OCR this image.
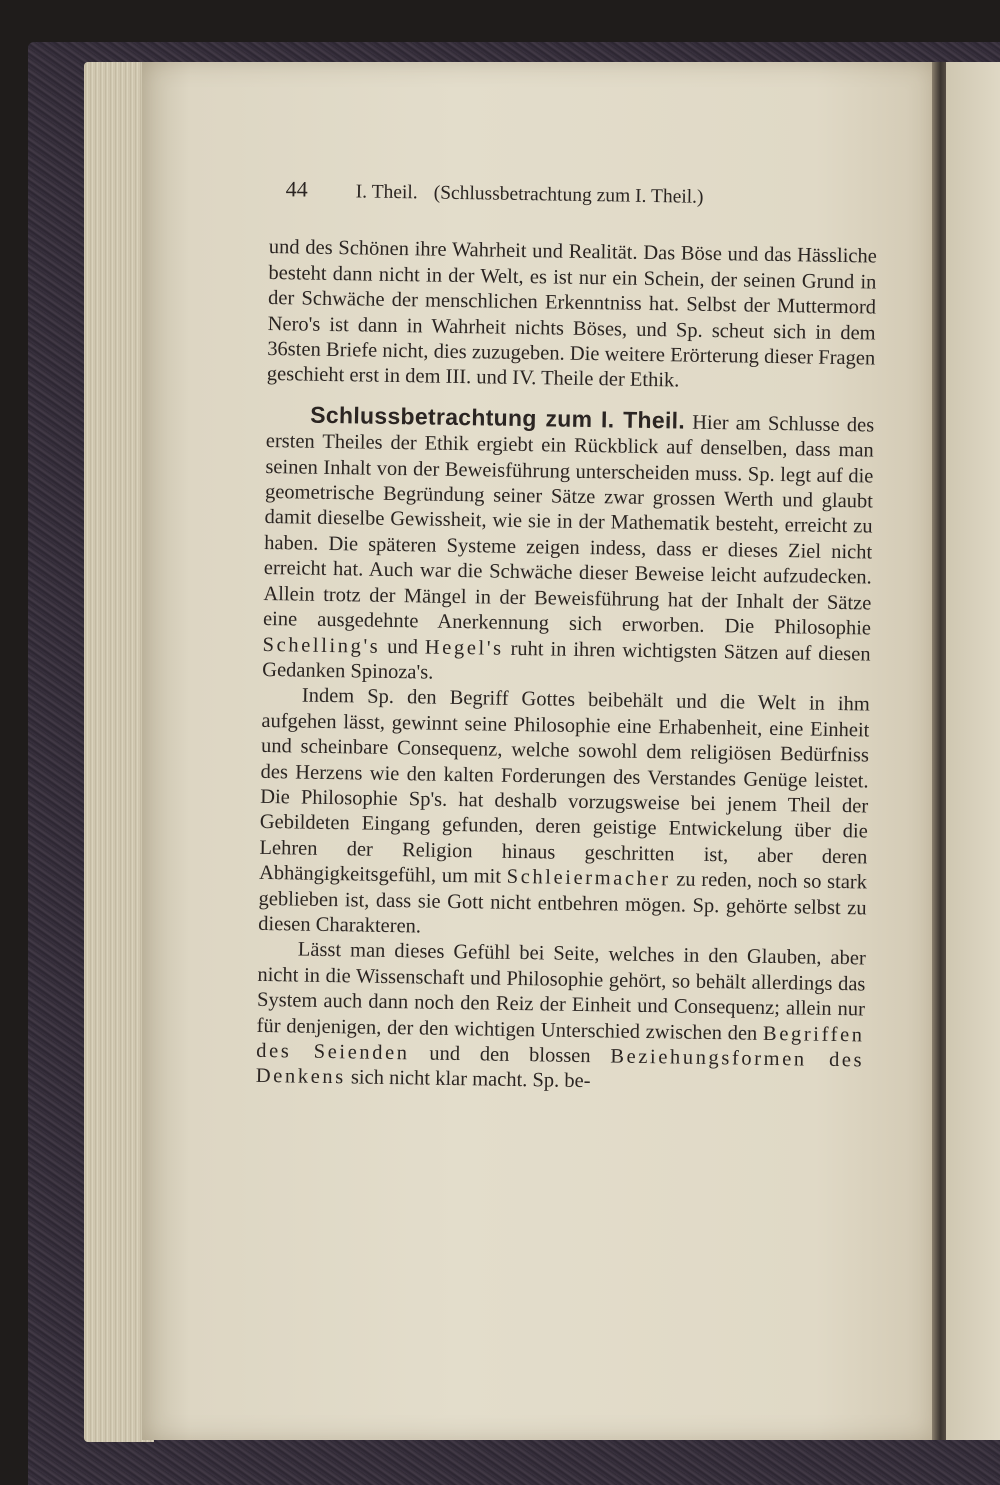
44 I. Theil. (Schlussbetrachtung zum I. Theil.)

und des Schönen ihre Wahrheit und Realität. Das Böse und das Hässliche besteht dann nicht in der Welt, es ist nur ein Schein, der seinen Grund in der Schwäche der menschlichen Erkenntniss hat. Selbst der Muttermord Nero's ist dann in Wahrheit nichts Böses, und Sp. scheut sich in dem 36sten Briefe nicht, dies zuzugeben. Die weitere Erörterung dieser Fragen geschieht erst in dem III. und IV. Theile der Ethik.

Schlussbetrachtung zum I. Theil. Hier am Schlusse des ersten Theiles der Ethik ergiebt ein Rückblick auf denselben, dass man seinen Inhalt von der Beweisführung unterscheiden muss. Sp. legt auf die geometrische Begründung seiner Sätze zwar grossen Werth und glaubt damit dieselbe Gewissheit, wie sie in der Mathematik besteht, erreicht zu haben. Die späteren Systeme zeigen indess, dass er dieses Ziel nicht erreicht hat. Auch war die Schwäche dieser Beweise leicht aufzudecken. Allein trotz der Mängel in der Beweisführung hat der Inhalt der Sätze eine ausgedehnte Anerkennung sich erworben. Die Philosophie Schelling's und Hegel's ruht in ihren wichtigsten Sätzen auf diesen Gedanken Spinoza's.

Indem Sp. den Begriff Gottes beibehält und die Welt in ihm aufgehen lässt, gewinnt seine Philosophie eine Erhabenheit, eine Einheit und scheinbare Consequenz, welche sowohl dem religiösen Bedürfniss des Herzens wie den kalten Forderungen des Verstandes Genüge leistet. Die Philosophie Sp's. hat deshalb vorzugsweise bei jenem Theil der Gebildeten Eingang gefunden, deren geistige Entwickelung über die Lehren der Religion hinaus geschritten ist, aber deren Abhängigkeitsgefühl, um mit Schleiermacher zu reden, noch so stark geblieben ist, dass sie Gott nicht entbehren mögen. Sp. gehörte selbst zu diesen Charakteren.

Lässt man dieses Gefühl bei Seite, welches in den Glauben, aber nicht in die Wissenschaft und Philosophie gehört, so behält allerdings das System auch dann noch den Reiz der Einheit und Consequenz; allein nur für denjenigen, der den wichtigen Unterschied zwischen den Begriffen des Seienden und den blossen Beziehungsformen des Denkens sich nicht klar macht. Sp. be-
